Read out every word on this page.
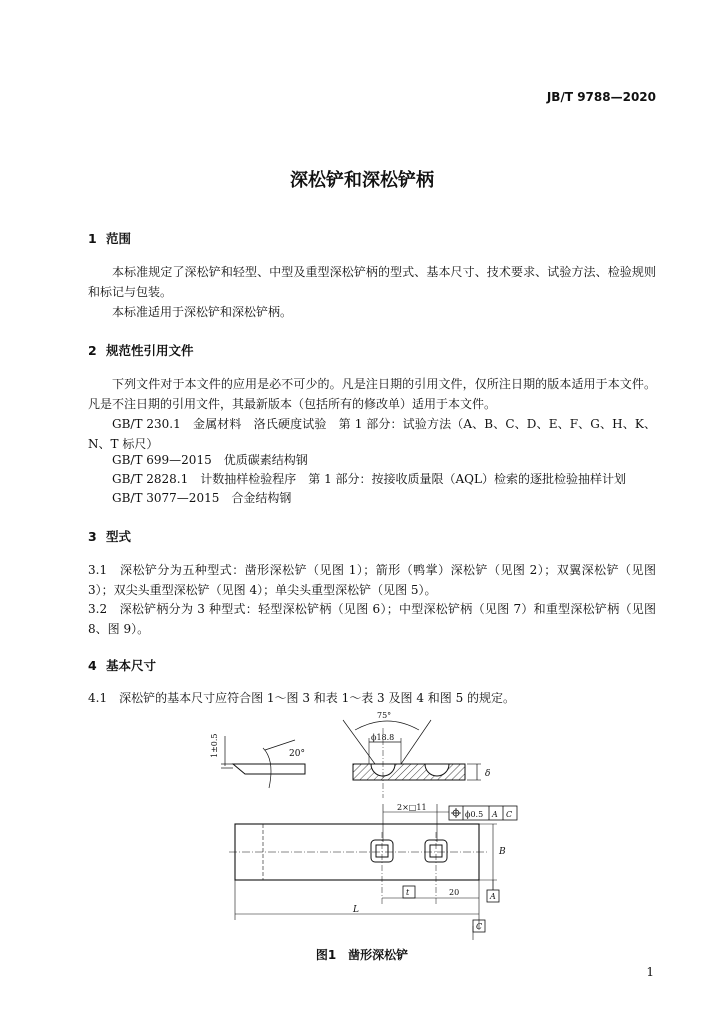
JB/T 9788—2020
深松铲和深松铲柄
1 范围
本标准规定了深松铲和轻型、中型及重型深松铲柄的型式、基本尺寸、技术要求、试验方法、检验规则和标记与包装。
本标准适用于深松铲和深松铲柄。
2 规范性引用文件
下列文件对于本文件的应用是必不可少的。凡是注日期的引用文件，仅所注日期的版本适用于本文件。凡是不注日期的引用文件，其最新版本（包括所有的修改单）适用于本文件。
GB/T 230.1　金属材料　洛氏硬度试验　第 1 部分：试验方法（A、B、C、D、E、F、G、H、K、N、T 标尺）
GB/T 699—2015　优质碳素结构钢
GB/T 2828.1　计数抽样检验程序　第 1 部分：按接收质量限（AQL）检索的逐批检验抽样计划
GB/T 3077—2015　合金结构钢
3 型式
3.1　深松铲分为五种型式：凿形深松铲（见图 1）；箭形（鸭掌）深松铲（见图 2）；双翼深松铲（见图 3）；双尖头重型深松铲（见图 4）；单尖头重型深松铲（见图 5）。
3.2　深松铲柄分为 3 种型式：轻型深松铲柄（见图 6）；中型深松铲柄（见图 7）和重型深松铲柄（见图 8、图 9）。
4 基本尺寸
4.1　深松铲的基本尺寸应符合图 1～图 3 和表 1～表 3 及图 4 和图 5 的规定。
1±0.5	20°
75°
ϕ18.8
δ
2×□11
ϕ0.5 A C
B
A
t	20
L
C
图1　凿形深松铲
1
